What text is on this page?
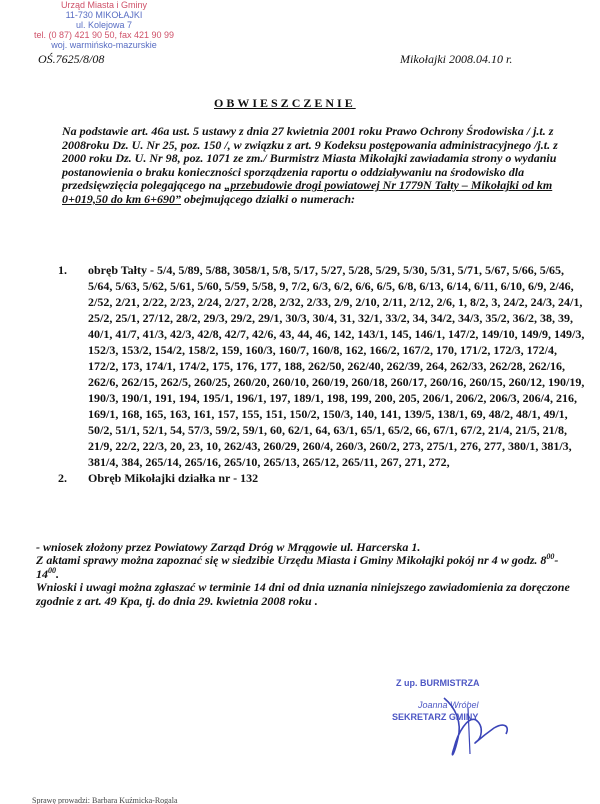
Urząd Miasta i Gminy
11-730 MIKOŁAJKI
ul. Kolejowa 7
tel. (0 87) 421 90 50, fax 421 90 99
woj. warmińsko-mazurskie
OŚ.7625/8/08	Mikołajki 2008.04.10 r.
OBWIESZCZENIE
Na podstawie art. 46a ust. 5 ustawy z dnia 27 kwietnia 2001 roku Prawo Ochrony Środowiska / j.t. z 2008roku Dz. U. Nr 25, poz. 150 /, w związku z art. 9 Kodeksu postępowania administracyjnego /j.t. z 2000 roku Dz. U. Nr 98, poz. 1071 ze zm./ Burmistrz Miasta Mikołajki zawiadamia strony o wydaniu postanowienia o braku konieczności sporządzenia raportu o oddziaływaniu na środowisko dla przedsięwzięcia polegającego na „przebudowie drogi powiatowej Nr 1779N Tałty – Mikołajki od km 0+019,50 do km 6+690” obejmującego działki o numerach:
1. obręb Tałty - 5/4, 5/89, 5/88, 3058/1, 5/8, 5/17, 5/27, 5/28, 5/29, 5/30, 5/31, 5/71, 5/67, 5/66, 5/65, 5/64, 5/63, 5/62, 5/61, 5/60, 5/59, 5/58, 9, 7/2, 6/3, 6/2, 6/6, 6/5, 6/8, 6/13, 6/14, 6/11, 6/10, 6/9, 2/46, 2/52, 2/21, 2/22, 2/23, 2/24, 2/27, 2/28, 2/32, 2/33, 2/9, 2/10, 2/11, 2/12, 2/6, 1, 8/2, 3, 24/2, 24/3, 24/1, 25/2, 25/1, 27/12, 28/2, 29/3, 29/2, 29/1, 30/3, 30/4, 31, 32/1, 33/2, 34, 34/2, 34/3, 35/2, 36/2, 38, 39, 40/1, 41/7, 41/3, 42/3, 42/8, 42/7, 42/6, 43, 44, 46, 142, 143/1, 145, 146/1, 147/2, 149/10, 149/9, 149/3, 152/3, 153/2, 154/2, 158/2, 159, 160/3, 160/7, 160/8, 162, 166/2, 167/2, 170, 171/2, 172/3, 172/4, 172/2, 173, 174/1, 174/2, 175, 176, 177, 188, 262/50, 262/40, 262/39, 264, 262/33, 262/28, 262/16, 262/6, 262/15, 262/5, 260/25, 260/20, 260/10, 260/19, 260/18, 260/17, 260/16, 260/15, 260/12, 190/19, 190/3, 190/1, 191, 194, 195/1, 196/1, 197, 189/1, 198, 199, 200, 205, 206/1, 206/2, 206/3, 206/4, 216, 169/1, 168, 165, 163, 161, 157, 155, 151, 150/2, 150/3, 140, 141, 139/5, 138/1, 69, 48/2, 48/1, 49/1, 50/2, 51/1, 52/1, 54, 57/3, 59/2, 59/1, 60, 62/1, 64, 63/1, 65/1, 65/2, 66, 67/1, 67/2, 21/4, 21/5, 21/8, 21/9, 22/2, 22/3, 20, 23, 10, 262/43, 260/29, 260/4, 260/3, 260/2, 273, 275/1, 276, 277, 380/1, 381/3, 381/4, 384, 265/14, 265/16, 265/10, 265/13, 265/12, 265/11, 267, 271, 272,
2. Obręb Mikołajki działka nr - 132

- wniosek złożony przez Powiatowy Zarząd Dróg w Mrągowie ul. Harcerska 1.

Z aktami sprawy można zapoznać się w siedzibie Urzędu Miasta i Gminy Mikołajki pokój nr 4 w godz. $8^{00}-14^{00}$.

Wnioski i uwagi można zgłaszać w terminie 14 dni od dnia uznania niniejszego zawiadomienia za doręczone zgodnie z art. 49 Kpa, tj. do dnia 29. kwietnia 2008 roku .

Z up. BURMISTRZA
Joanna Wróbel
SEKRETARZ GMINY
Sprawę prowadzi: Barbara Kuźmicka-Rogala
